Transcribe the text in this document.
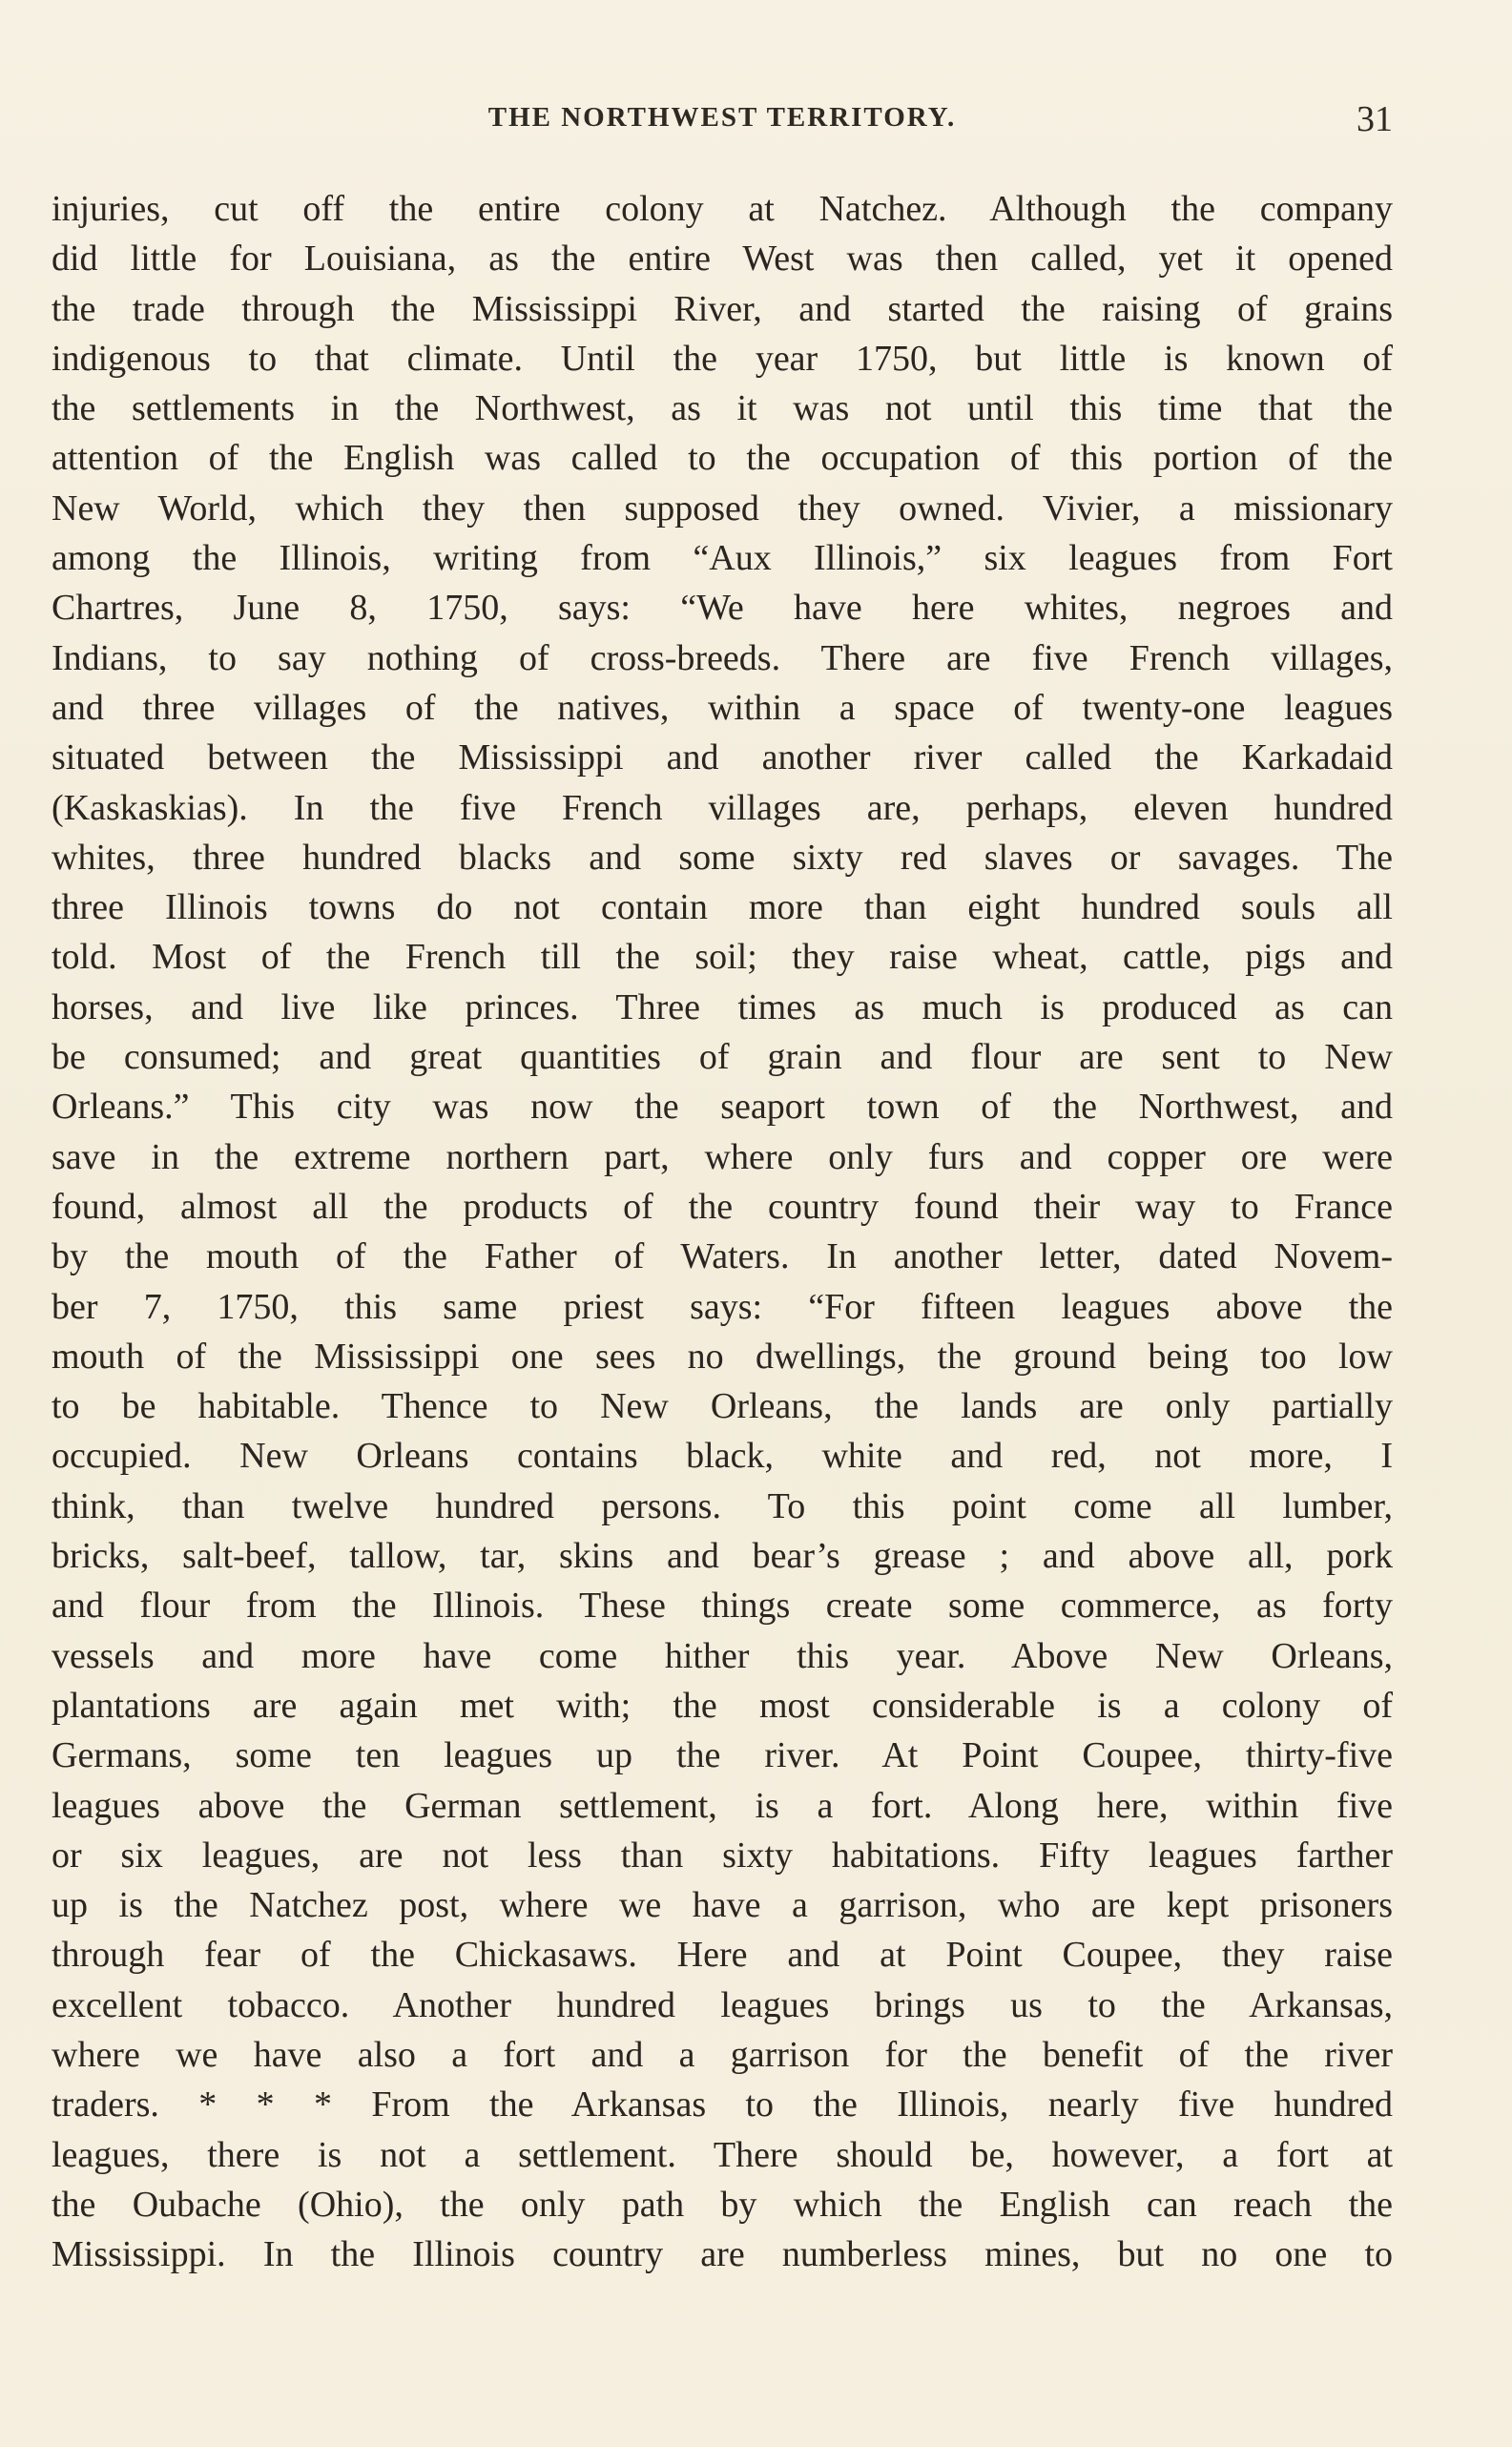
THE NORTHWEST TERRITORY.	31
injuries, cut off the entire colony at Natchez. Although the company
did little for Louisiana, as the entire West was then called, yet it opened
the trade through the Mississippi River, and started the raising of grains
indigenous to that climate. Until the year 1750, but little is known of
the settlements in the Northwest, as it was not until this time that the
attention of the English was called to the occupation of this portion of the
New World, which they then supposed they owned. Vivier, a missionary
among the Illinois, writing from “Aux Illinois,” six leagues from Fort
Chartres, June 8, 1750, says: “We have here whites, negroes and
Indians, to say nothing of cross-breeds. There are five French villages,
and three villages of the natives, within a space of twenty-one leagues
situated between the Mississippi and another river called the Karkadaid
(Kaskaskias). In the five French villages are, perhaps, eleven hundred
whites, three hundred blacks and some sixty red slaves or savages. The
three Illinois towns do not contain more than eight hundred souls all
told. Most of the French till the soil; they raise wheat, cattle, pigs and
horses, and live like princes. Three times as much is produced as can
be consumed; and great quantities of grain and flour are sent to New
Orleans.” This city was now the seaport town of the Northwest, and
save in the extreme northern part, where only furs and copper ore were
found, almost all the products of the country found their way to France
by the mouth of the Father of Waters. In another letter, dated Novem-
ber 7, 1750, this same priest says: “For fifteen leagues above the
mouth of the Mississippi one sees no dwellings, the ground being too low
to be habitable. Thence to New Orleans, the lands are only partially
occupied. New Orleans contains black, white and red, not more, I
think, than twelve hundred persons. To this point come all lumber,
bricks, salt-beef, tallow, tar, skins and bear’s grease ; and above all, pork
and flour from the Illinois. These things create some commerce, as forty
vessels and more have come hither this year. Above New Orleans,
plantations are again met with; the most considerable is a colony of
Germans, some ten leagues up the river. At Point Coupee, thirty-five
leagues above the German settlement, is a fort. Along here, within five
or six leagues, are not less than sixty habitations. Fifty leagues farther
up is the Natchez post, where we have a garrison, who are kept prisoners
through fear of the Chickasaws. Here and at Point Coupee, they raise
excellent tobacco. Another hundred leagues brings us to the Arkansas,
where we have also a fort and a garrison for the benefit of the river
traders. * * * From the Arkansas to the Illinois, nearly five hundred
leagues, there is not a settlement. There should be, however, a fort at
the Oubache (Ohio), the only path by which the English can reach the
Mississippi. In the Illinois country are numberless mines, but no one to
